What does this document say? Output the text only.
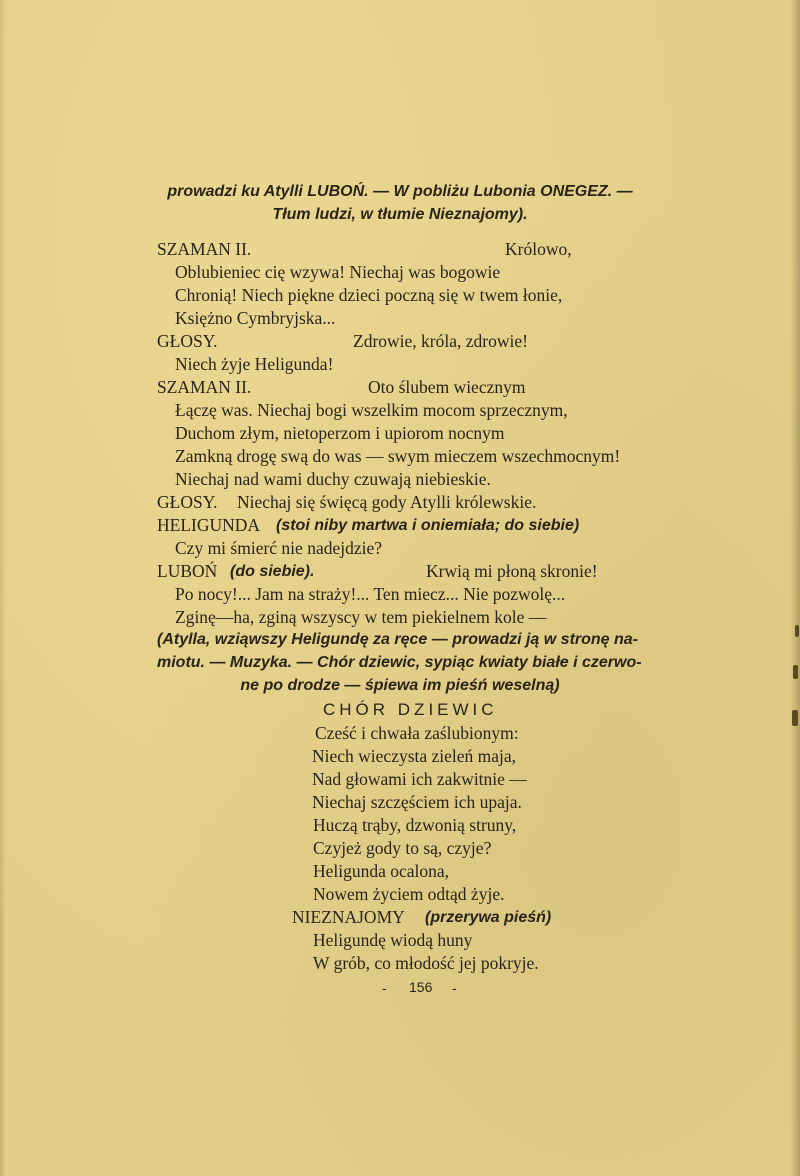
prowadzi ku Atylli LUBOŃ. — W pobliżu Lubonia ONEGEZ. —
Tłum ludzi, w tłumie Nieznajomy).
SZAMAN II.	Królowo,
Oblubieniec cię wzywa! Niechaj was bogowie
Chronią! Niech piękne dzieci poczną się w twem łonie,
Księżno Cymbryjska...
GŁOSY.	Zdrowie, króla, zdrowie!
Niech żyje Heligunda!
SZAMAN II.	Oto ślubem wiecznym
Łączę was. Niechaj bogi wszelkim mocom sprzecznym,
Duchom złym, nietoperzom i upiorom nocnym
Zamkną drogę swą do was — swym mieczem wszechmocnym!
Niechaj nad wami duchy czuwają niebieskie.
GŁOSY. Niechaj się święcą gody Atylli królewskie.
HELIGUNDA (stoi niby martwa i oniemiała; do siebie)
Czy mi śmierć nie nadejdzie?
LUBOŃ (do siebie).	Krwią mi płoną skronie!
Po nocy!... Jam na straży!... Ten miecz... Nie pozwolę...
Zginę—ha, zginą wszyscy w tem piekielnem kole —
(Atylla, wziąwszy Heligundę za ręce — prowadzi ją w stronę na-
miotu. — Muzyka. — Chór dziewic, sypiąc kwiaty białe i czerwo-
ne po drodze — śpiewa im pieśń weselną)
CHÓR DZIEWIC
Cześć i chwała zaślubionym:
Niech wieczysta zieleń maja,
Nad głowami ich zakwitnie —
Niechaj szczęściem ich upaja.
Huczą trąby, dzwonią struny,
Czyjeż gody to są, czyje?
Heligunda ocalona,
Nowem życiem odtąd żyje.
NIEZNAJOMY (przerywa pieśń)
Heligundę wiodą huny
W grób, co młodość jej pokryje.
- 156 -
